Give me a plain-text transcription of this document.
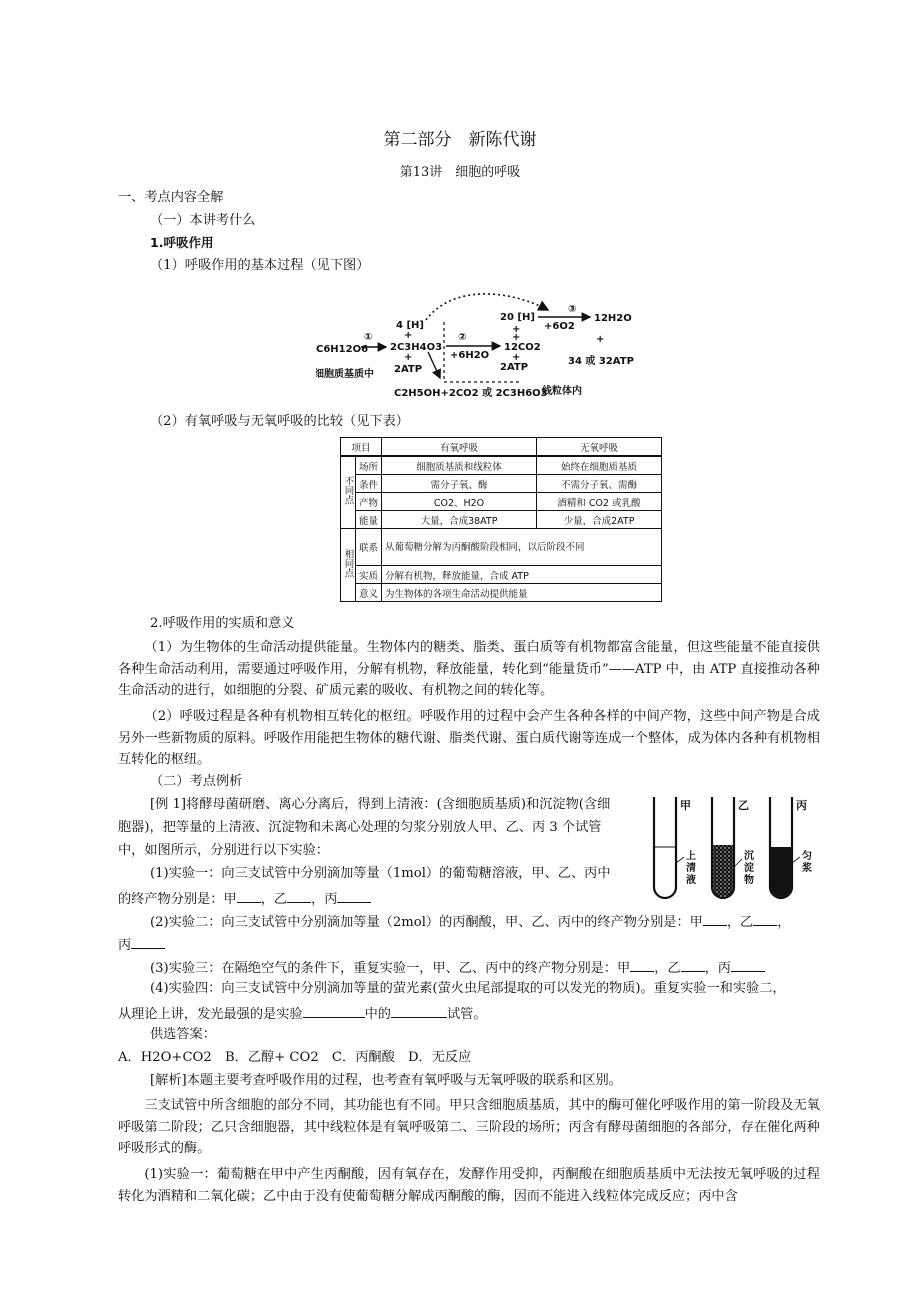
第二部分　新陈代谢
第13讲　细胞的呼吸
一、考点内容全解
（一）本讲考什么
1.呼吸作用
（1）呼吸作用的基本过程（见下图）
C6H12O6
①
4 [H]
+
2C3H4O3
+
2ATP
细胞质基质中
C2H5OH+2CO2 或 2C3H6O3
②
+6H2O
+
12CO2
+
2ATP
20 [H]
+
③
+6O2
12H2O
+
34 或 32ATP
线粒体内
（2）有氧呼吸与无氧呼吸的比较（见下表）
项目		有氧呼吸	无氧呼吸
不同点	场所	细胞质基质和线粒体	始终在细胞质基质
	条件	需分子氧、酶	不需分子氧、需酶
	产物	CO2、H2O	酒精和 CO2 或乳酸
	能量	大量，合成38ATP	少量，合成2ATP
相同点	联系	从葡萄糖分解为丙酮酸阶段相同，以后阶段不同	
	实质	分解有机物，释放能量，合成 ATP	
	意义	为生物体的各项生命活动提供能量	
2.呼吸作用的实质和意义
（1）为生物体的生命活动提供能量。生物体内的糖类、脂类、蛋白质等有机物都富含能量，但这些能量不能直接供各种生命活动利用，需要通过呼吸作用，分解有机物，释放能量，转化到“能量货币”——ATP 中，由 ATP 直接推动各种生命活动的进行，如细胞的分裂、矿质元素的吸收、有机物之间的转化等。
（2）呼吸过程是各种有机物相互转化的枢纽。呼吸作用的过程中会产生各种各样的中间产物，这些中间产物是合成另外一些新物质的原料。呼吸作用能把生物体的糖代谢、脂类代谢、蛋白质代谢等连成一个整体，成为体内各种有机物相互转化的枢纽。
（二）考点例析
[例 1]将酵母菌研磨、离心分离后，得到上清液：(含细胞质基质)和沉淀物(含细
胞器)，把等量的上清液、沉淀物和未离心处理的匀浆分别放人甲、乙、丙 3 个试管
中，如图所示，分别进行以下实验：
(1)实验一：向三支试管中分别滴加等量（1mol）的葡萄糖溶液，甲、乙、丙中
的终产物分别是：甲 ，乙 ，丙
(2)实验二：向三支试管中分别滴加等量（2mol）的丙酮酸，甲、乙、丙中的终产物分别是：甲 ，乙 ，
丙
(3)实验三：在隔绝空气的条件下，重复实验一，甲、乙、丙中的终产物分别是：甲 ，乙 ，丙
(4)实验四：向三支试管中分别滴加等量的萤光素(萤火虫尾部提取的可以发光的物质)。重复实验一和实验二，
从理论上讲，发光最强的是实验	中的	试管。
供选答案：
A．H2O+CO2　B．乙醇+ CO2　C．丙酮酸　D．无反应
[解析]本题主要考查呼吸作用的过程，也考查有氧呼吸与无氧呼吸的联系和区别。
三支试管中所含细胞的部分不同，其功能也有不同。甲只含细胞质基质，其中的酶可催化呼吸作用的第一阶段及无氧呼吸第二阶段；乙只含细胞器，其中线粒体是有氧呼吸第二、三阶段的场所；丙含有酵母菌细胞的各部分，存在催化两种呼吸形式的酶。
(1)实验一：葡萄糖在甲中产生丙酮酸，因有氧存在，发酵作用受抑，丙酮酸在细胞质基质中无法按无氧呼吸的过程转化为酒精和二氧化碳；乙中由于没有使葡萄糖分解成丙酮酸的酶，因而不能进入线粒体完成反应；丙中含
甲	乙	丙
上清液
沉淀物
匀浆
